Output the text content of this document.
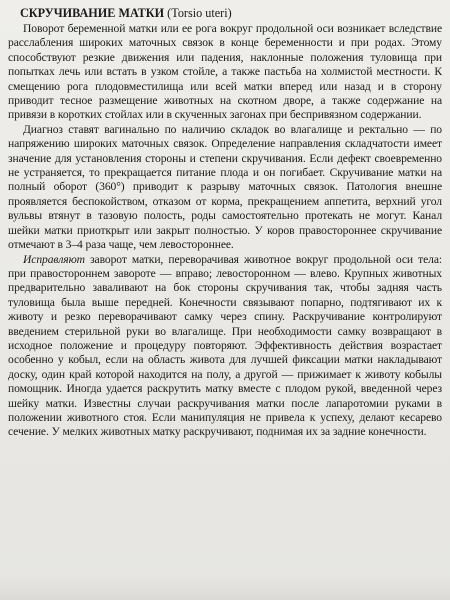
СКРУЧИВАНИЕ МАТКИ (Torsio uteri)

Поворот беременной матки или ее рога вокруг продольной оси возникает вследствие расслабления широких маточных связок в конце беременности и при родах. Этому способствуют резкие движения или падения, наклонные положения туловища при попытках лечь или встать в узком стойле, а также пастьба на холмистой местности. К смещению рога плодовместилища или всей матки вперед или назад и в сторону приводит тесное размещение животных на скотном дворе, а также содержание на привязи в коротких стойлах или в скученных загонах при беспривязном содержании.

Диагноз ставят вагинально по наличию складок во влагалище и ректально — по напряжению широких маточных связок. Определение направления складчатости имеет значение для установления стороны и степени скручивания. Если дефект своевременно не устраняется, то прекращается питание плода и он погибает. Скручивание матки на полный оборот (360°) приводит к разрыву маточных связок. Патология внешне проявляется беспокойством, отказом от корма, прекращением аппетита, верхний угол вульвы втянут в тазовую полость, роды самостоятельно протекать не могут. Канал шейки матки приоткрыт или закрыт полностью. У коров правостороннее скручивание отмечают в 3–4 раза чаще, чем левостороннее.

Исправляют заворот матки, переворачивая животное вокруг продольной оси тела: при правостороннем завороте — вправо; левосторонном — влево. Крупных животных предварительно заваливают на бок стороны скручивания так, чтобы задняя часть туловища была выше передней. Конечности связывают попарно, подтягивают их к животу и резко переворачивают самку через спину. Раскручивание контролируют введением стерильной руки во влагалище. При необходимости самку возвращают в исходное положение и процедуру повторяют. Эффективность действия возрастает особенно у кобыл, если на область живота для лучшей фиксации матки накладывают доску, один край которой находится на полу, а другой — прижимает к животу кобылы помощник. Иногда удается раскрутить матку вместе с плодом рукой, введенной через шейку матки. Известны случаи раскручивания матки после лапаротомии руками в положении животного стоя. Если манипуляция не привела к успеху, делают кесарево сечение. У мелких животных матку раскручивают, поднимая их за задние конечности.
